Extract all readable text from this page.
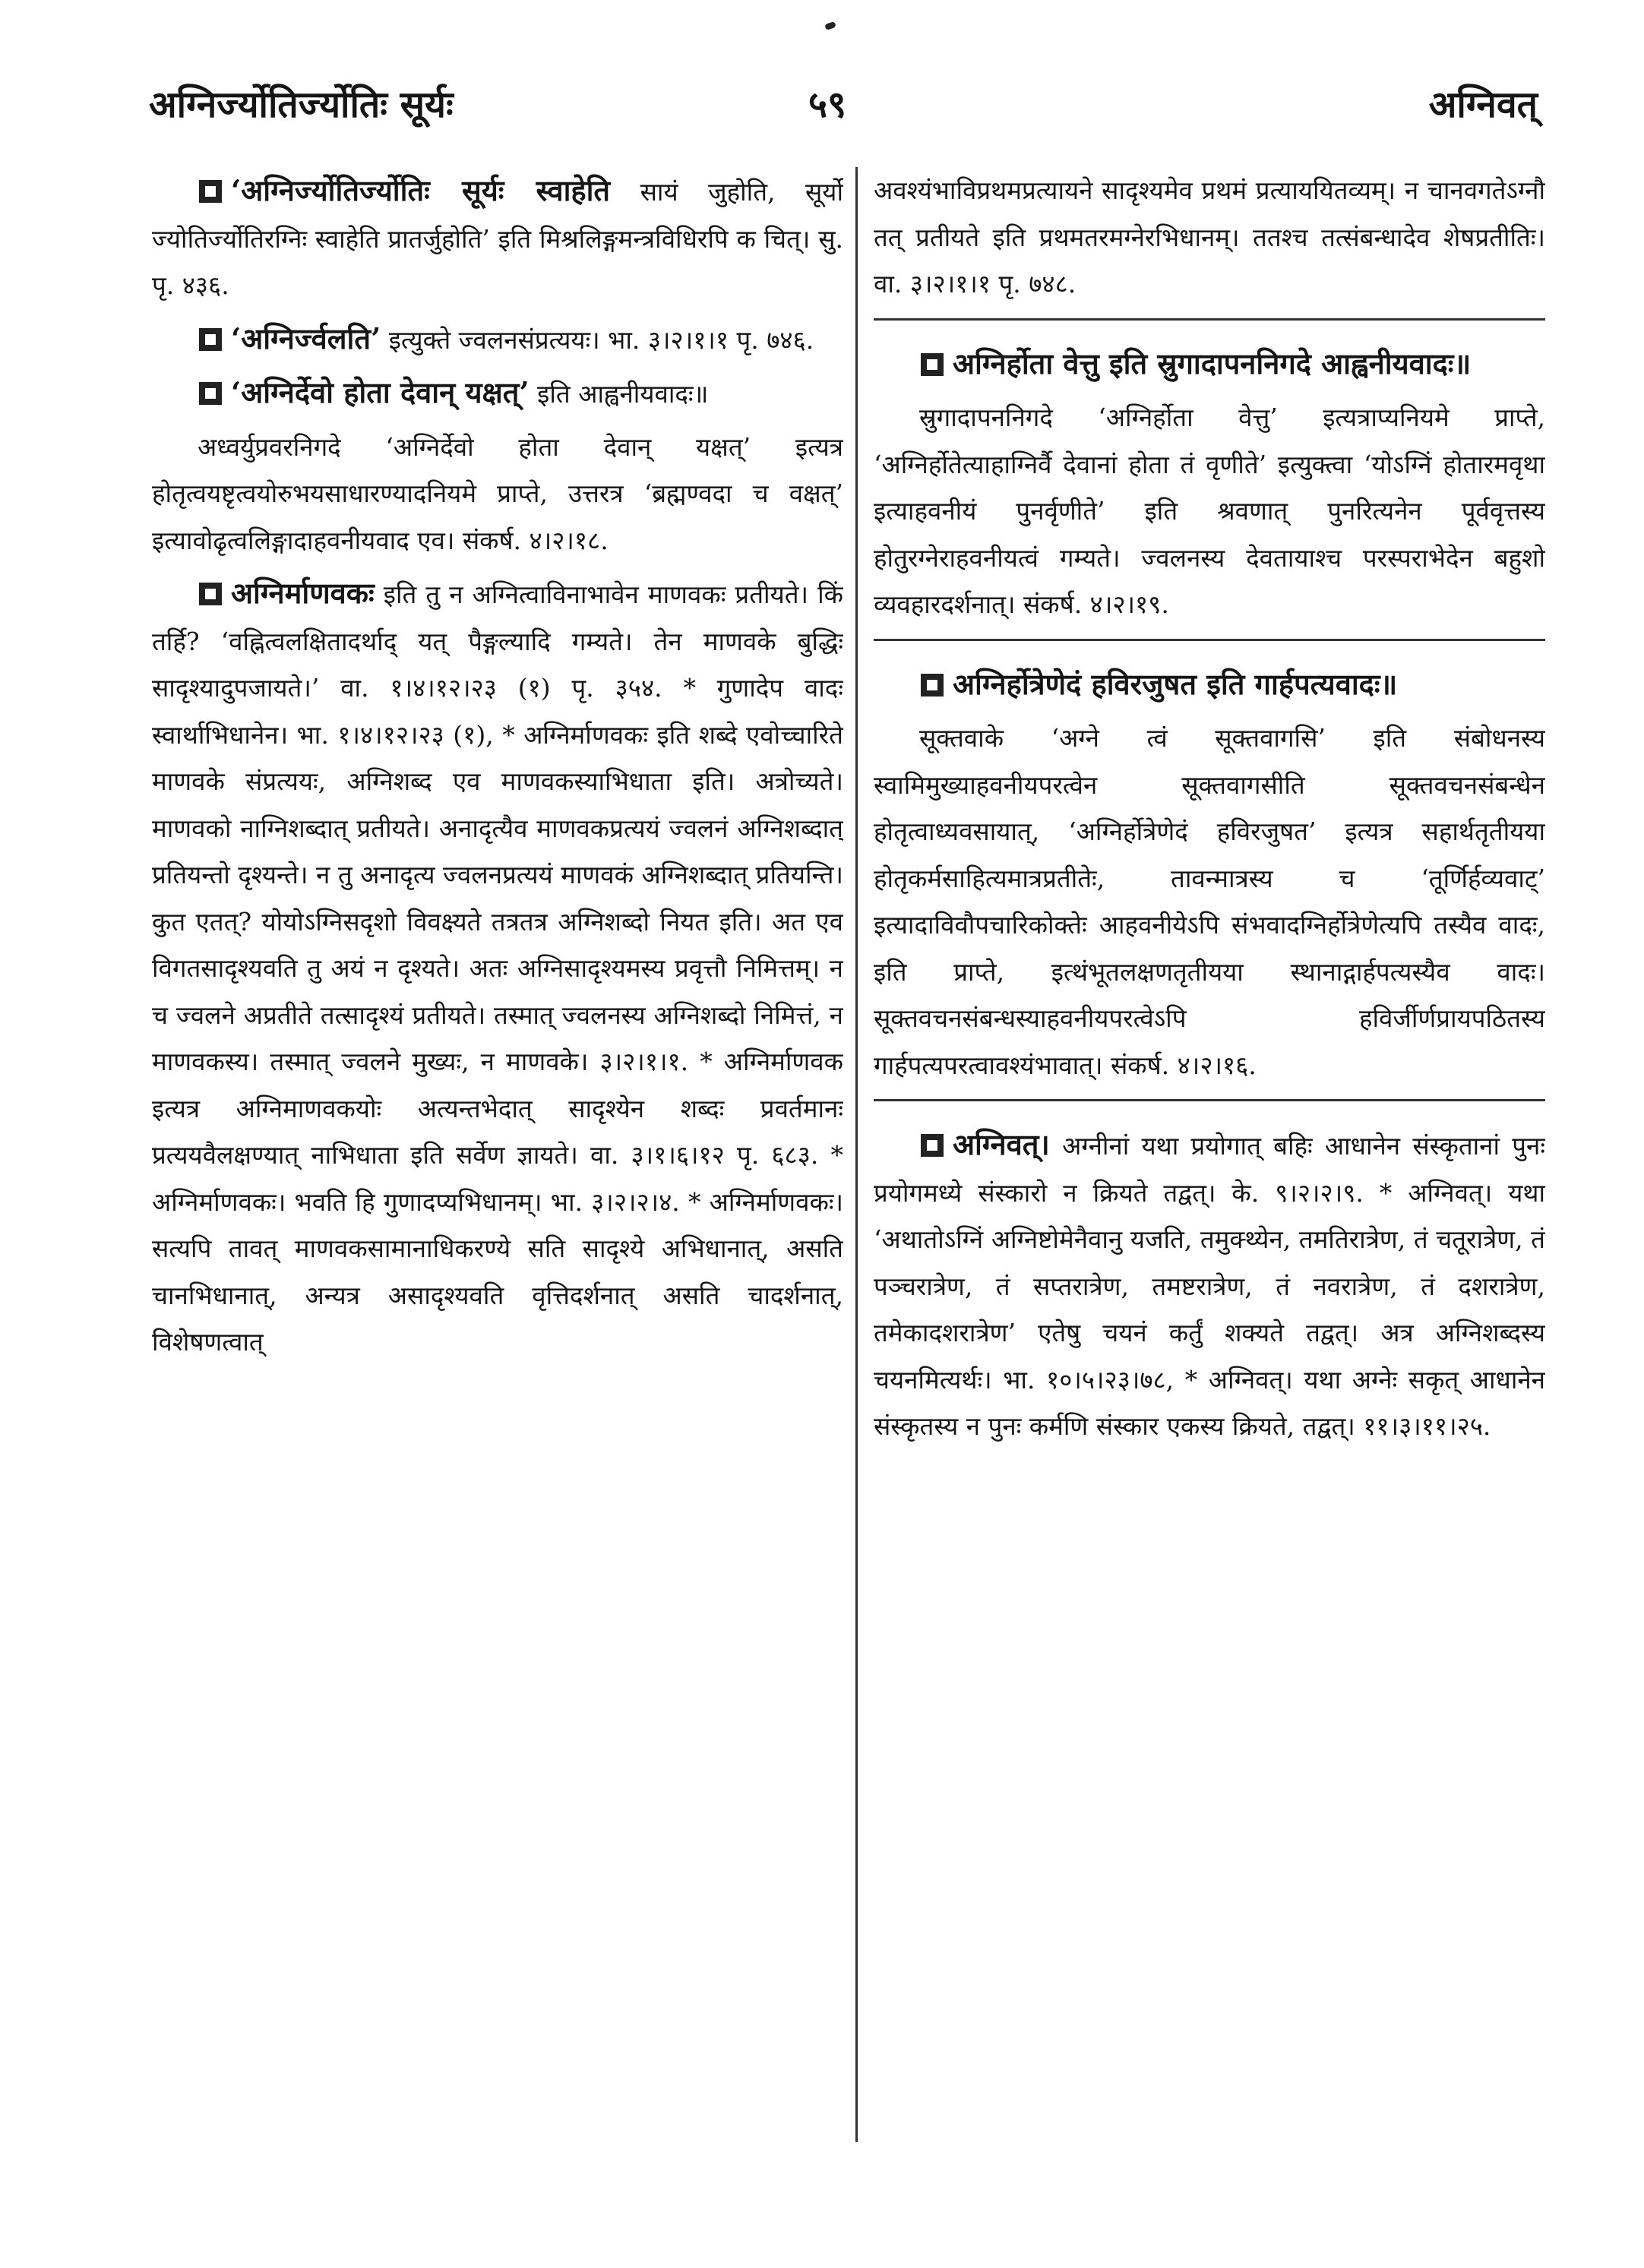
अग्निर्ज्योतिर्ज्योतिः सूर्यः	५९	अग्निवत्

‘अग्निर्ज्योतिर्ज्योतिः सूर्यः स्वाहेति सायं जुहोति, सूर्यो ज्योतिर्ज्योतिरग्निः स्वाहेति प्रातर्जुहोति’ इति मिश्रलिङ्गमन्त्रविधिरपि क चित्। सु. पृ. ४३६.

‘अग्निर्ज्वलति’ इत्युक्ते ज्वलनसंप्रत्ययः। भा. ३।२।१।१ पृ. ७४६.

‘अग्निर्देवो होता देवान् यक्षत्’ इति आह्वनीयवादः॥

अध्वर्युप्रवरनिगदे ‘अग्निर्देवो होता देवान् यक्षत्’ इत्यत्र होतृत्वयष्टृत्वयोरुभयसाधारण्यादनियमे प्राप्ते, उत्तरत्र ‘ब्रह्मण्वदा च वक्षत्’ इत्यावोढृत्वलिङ्गादाहवनीयवाद एव। संकर्ष. ४।२।१८.

अग्निर्माणवकः इति तु न अग्नित्वाविनाभावेन माणवकः प्रतीयते। किं तर्हि? ‘वह्नित्वलक्षितादर्थाद् यत् पैङ्गल्यादि गम्यते। तेन माणवके बुद्धिः सादृश्यादुपजायते।’ वा. १।४।१२।२३ (१) पृ. ३५४. * गुणादेप वादः स्वार्थाभिधानेन। भा. १।४।१२।२३ (१), * अग्निर्माणवकः इति शब्दे एवोच्चारिते माणवके संप्रत्ययः, अग्निशब्द एव माणवकस्याभिधाता इति। अत्रोच्यते। माणवको नाग्निशब्दात् प्रतीयते। अनादृत्यैव माणवकप्रत्ययं ज्वलनं अग्निशब्दात् प्रतियन्तो दृश्यन्ते। न तु अनादृत्य ज्वलनप्रत्ययं माणवकं अग्निशब्दात् प्रतियन्ति। कुत एतत्? योयोऽग्निसदृशो विवक्ष्यते तत्रतत्र अग्निशब्दो नियत इति। अत एव विगतसादृश्यवति तु अयं न दृश्यते। अतः अग्निसादृश्यमस्य प्रवृत्तौ निमित्तम्। न च ज्वलने अप्रतीते तत्सादृश्यं प्रतीयते। तस्मात् ज्वलनस्य अग्निशब्दो निमित्तं, न माणवकस्य। तस्मात् ज्वलने मुख्यः, न माणवके। ३।२।१।१. * अग्निर्माणवक इत्यत्र अग्निमाणवकयोः अत्यन्तभेदात् सादृश्येन शब्दः प्रवर्तमानः प्रत्ययवैलक्षण्यात् नाभिधाता इति सर्वेण ज्ञायते। वा. ३।१।६।१२ पृ. ६८३. * अग्निर्माणवकः। भवति हि गुणादप्यभिधानम्। भा. ३।२।२।४. * अग्निर्माणवकः। सत्यपि तावत् माणवकसामानाधिकरण्ये सति सादृश्ये अभिधानात्, असति चानभिधानात्, अन्यत्र असादृश्यवति वृत्तिदर्शनात् असति चादर्शनात्, विशेषणत्वात्

अवश्यंभाविप्रथमप्रत्यायने सादृश्यमेव प्रथमं प्रत्याययितव्यम्। न चानवगतेऽग्नौ तत् प्रतीयते इति प्रथमतरमग्नेरभिधानम्। ततश्च तत्संबन्धादेव शेषप्रतीतिः। वा. ३।२।१।१ पृ. ७४८.

अग्निर्होता वेत्तु इति स्रुगादापननिगदे आह्वनीयवादः॥

स्रुगादापननिगदे ‘अग्निर्होता वेत्तु’ इत्यत्राप्यनियमे प्राप्ते, ‘अग्निर्होतेत्याहाग्निर्वै देवानां होता तं वृणीते’ इत्युक्त्वा ‘योऽग्निं होतारमवृथा इत्याहवनीयं पुनर्वृणीते’ इति श्रवणात् पुनरित्यनेन पूर्ववृत्तस्य होतुरग्नेराहवनीयत्वं गम्यते। ज्वलनस्य देवतायाश्च परस्पराभेदेन बहुशो व्यवहारदर्शनात्। संकर्ष. ४।२।१९.

अग्निर्होत्रेणेदं हविरजुषत इति गार्हपत्यवादः॥

सूक्तवाके ‘अग्ने त्वं सूक्तवागसि’ इति संबोधनस्य स्वामिमुख्याहवनीयपरत्वेन सूक्तवागसीति सूक्तवचनसंबन्धेन होतृत्वाध्यवसायात्, ‘अग्निर्होत्रेणेदं हविरजुषत’ इत्यत्र सहार्थतृतीयया होतृकर्मसाहित्यमात्रप्रतीतेः, तावन्मात्रस्य च ‘तूर्णिर्हव्यवाट्’ इत्यादाविवौपचारिकोक्तेः आहवनीयेऽपि संभवादग्निर्होत्रेणेत्यपि तस्यैव वादः, इति प्राप्ते, इत्थंभूतलक्षणतृतीयया स्थानाद्गार्हपत्यस्यैव वादः। सूक्तवचनसंबन्धस्याहवनीयपरत्वेऽपि हविर्जीर्णप्रायपठितस्य गार्हपत्यपरत्वावश्यंभावात्। संकर्ष. ४।२।१६.

अग्निवत्। अग्नीनां यथा प्रयोगात् बहिः आधानेन संस्कृतानां पुनः प्रयोगमध्ये संस्कारो न क्रियते तद्वत्। के. ९।२।२।९. * अग्निवत्। यथा ‘अथातोऽग्निं अग्निष्टोमेनैवानु यजति, तमुक्थ्येन, तमतिरात्रेण, तं चतूरात्रेण, तं पञ्चरात्रेण, तं सप्तरात्रेण, तमष्टरात्रेण, तं नवरात्रेण, तं दशरात्रेण, तमेकादशरात्रेण’ एतेषु चयनं कर्तुं शक्यते तद्वत्। अत्र अग्निशब्दस्य चयनमित्यर्थः। भा. १०।५।२३।७८, * अग्निवत्। यथा अग्नेः सकृत् आधानेन संस्कृतस्य न पुनः कर्मणि संस्कार एकस्य क्रियते, तद्वत्। ११।३।११।२५.
